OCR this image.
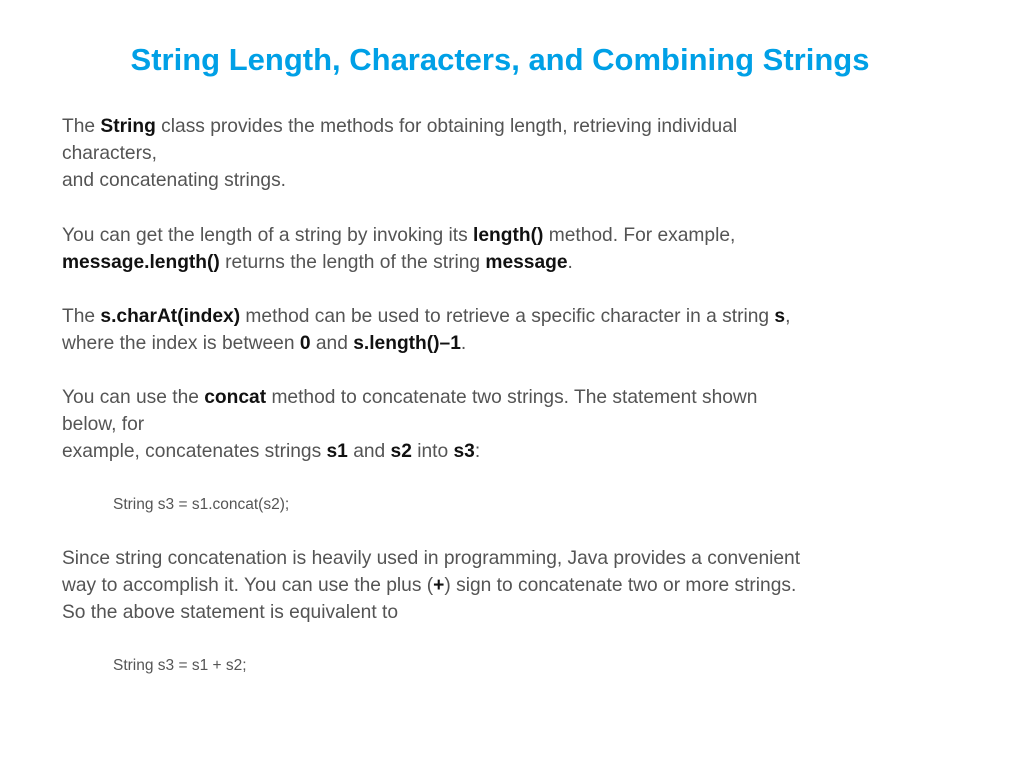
String Length, Characters, and Combining Strings
The String class provides the methods for obtaining length, retrieving individual
characters,
and concatenating strings.
You can get the length of a string by invoking its length() method. For example,
message.length() returns the length of the string message.
The s.charAt(index) method can be used to retrieve a specific character in a string s,
where the index is between 0 and s.length()–1.
You can use the concat method to concatenate two strings. The statement shown
below, for
example, concatenates strings s1 and s2 into s3:
String s3 = s1.concat(s2);
Since string concatenation is heavily used in programming, Java provides a convenient
way to accomplish it. You can use the plus (+) sign to concatenate two or more strings.
So the above statement is equivalent to
String s3 = s1 + s2;
